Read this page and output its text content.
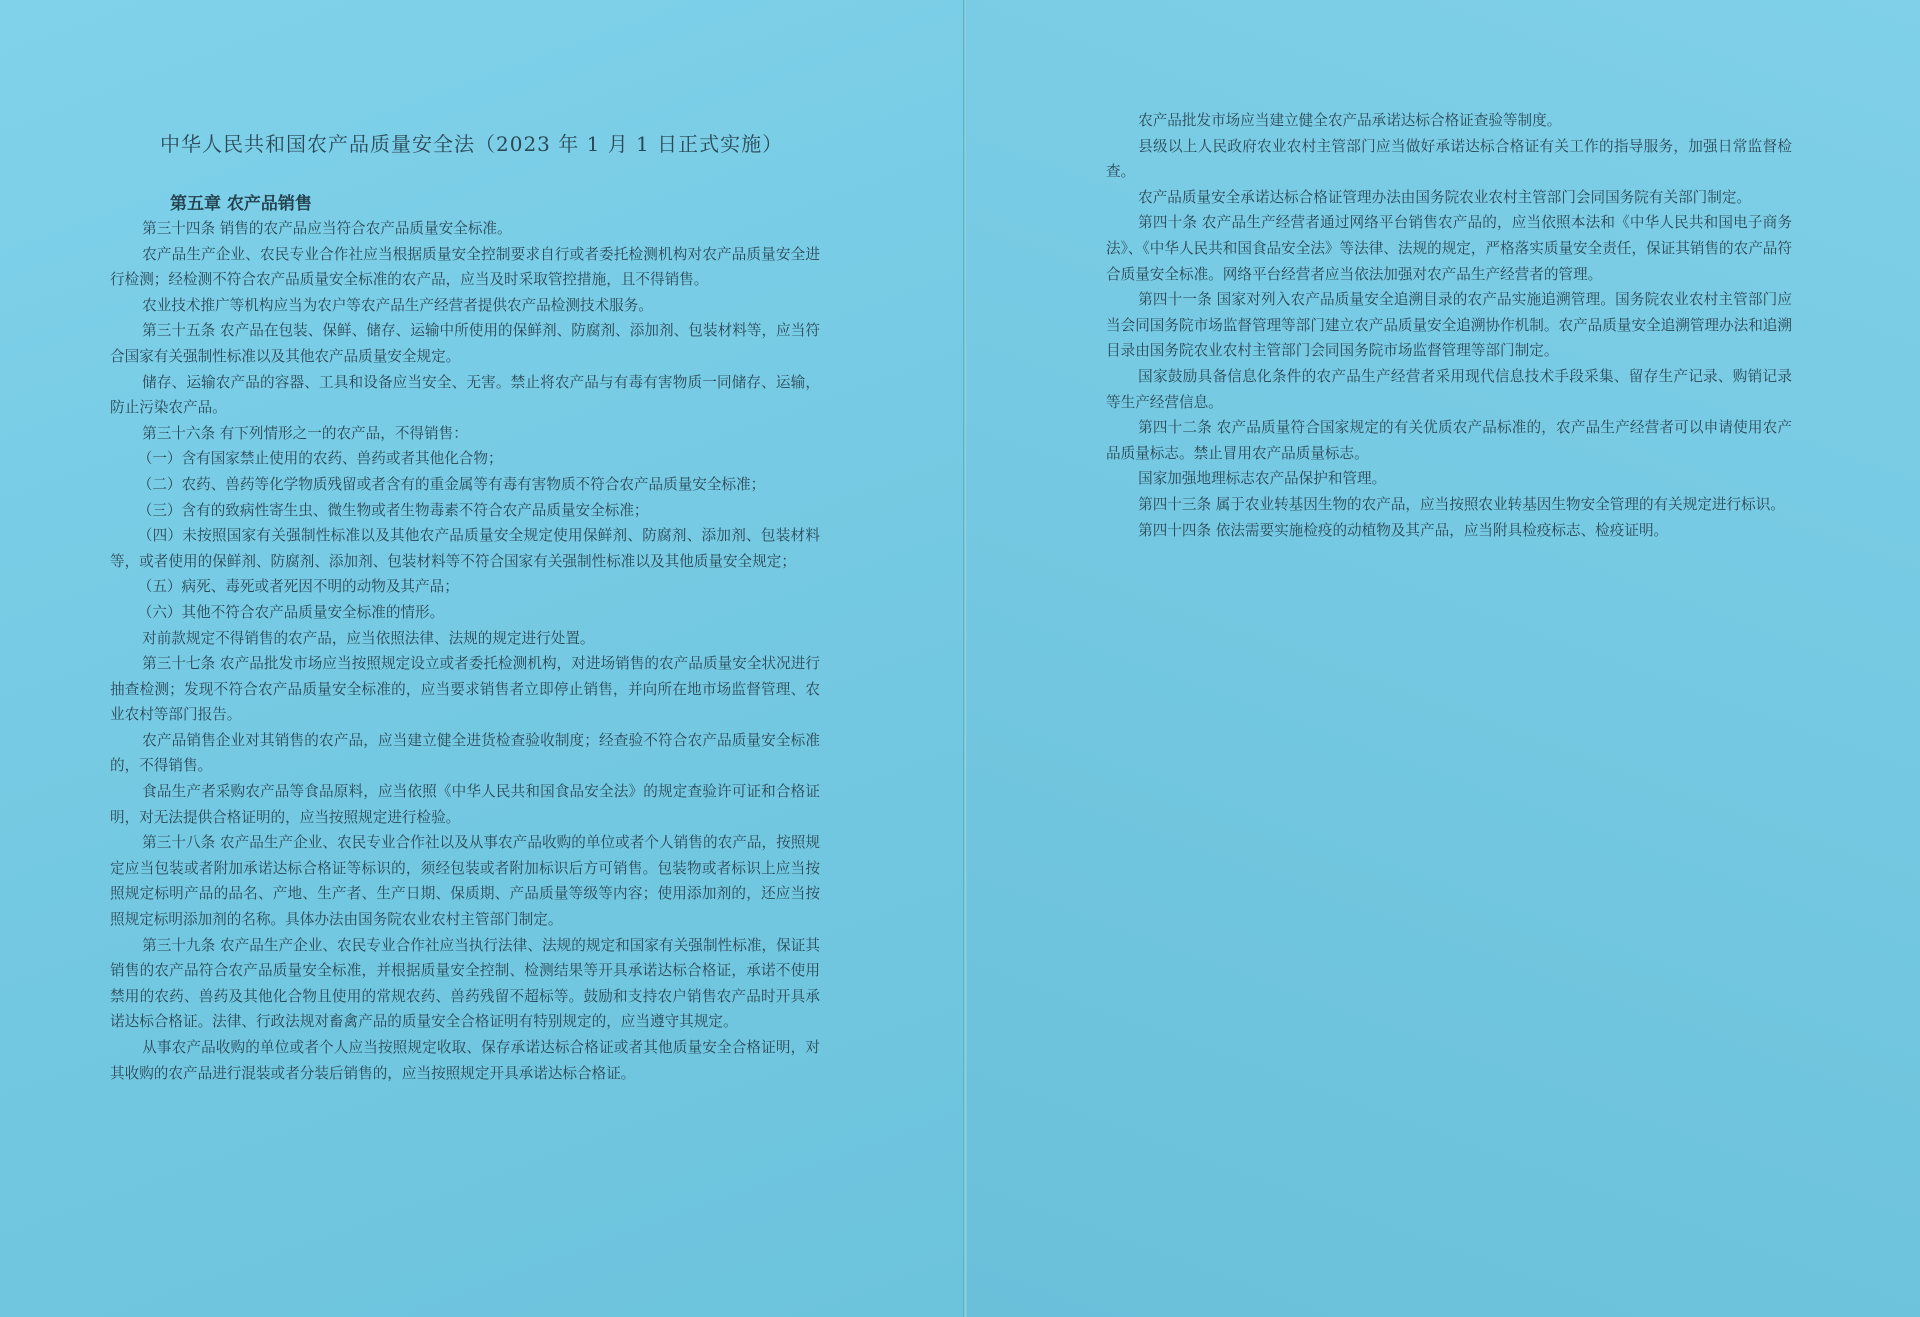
中华人民共和国农产品质量安全法（2023 年 1 月 1 日正式实施）
第五章 农产品销售

第三十四条 销售的农产品应当符合农产品质量安全标准。

农产品生产企业、农民专业合作社应当根据质量安全控制要求自行或者委托检测机构对农产品质量安全进行检测；经检测不符合农产品质量安全标准的农产品，应当及时采取管控措施，且不得销售。

农业技术推广等机构应当为农户等农产品生产经营者提供农产品检测技术服务。

第三十五条 农产品在包装、保鲜、储存、运输中所使用的保鲜剂、防腐剂、添加剂、包装材料等，应当符合国家有关强制性标准以及其他农产品质量安全规定。

储存、运输农产品的容器、工具和设备应当安全、无害。禁止将农产品与有毒有害物质一同储存、运输，防止污染农产品。

第三十六条 有下列情形之一的农产品，不得销售：

（一）含有国家禁止使用的农药、兽药或者其他化合物；

（二）农药、兽药等化学物质残留或者含有的重金属等有毒有害物质不符合农产品质量安全标准；

（三）含有的致病性寄生虫、微生物或者生物毒素不符合农产品质量安全标准；

（四）未按照国家有关强制性标准以及其他农产品质量安全规定使用保鲜剂、防腐剂、添加剂、包装材料等，或者使用的保鲜剂、防腐剂、添加剂、包装材料等不符合国家有关强制性标准以及其他质量安全规定；

（五）病死、毒死或者死因不明的动物及其产品；

（六）其他不符合农产品质量安全标准的情形。

对前款规定不得销售的农产品，应当依照法律、法规的规定进行处置。

第三十七条 农产品批发市场应当按照规定设立或者委托检测机构，对进场销售的农产品质量安全状况进行抽查检测；发现不符合农产品质量安全标准的，应当要求销售者立即停止销售，并向所在地市场监督管理、农业农村等部门报告。

农产品销售企业对其销售的农产品，应当建立健全进货检查验收制度；经查验不符合农产品质量安全标准的，不得销售。

食品生产者采购农产品等食品原料，应当依照《中华人民共和国食品安全法》的规定查验许可证和合格证明，对无法提供合格证明的，应当按照规定进行检验。

第三十八条 农产品生产企业、农民专业合作社以及从事农产品收购的单位或者个人销售的农产品，按照规定应当包装或者附加承诺达标合格证等标识的，须经包装或者附加标识后方可销售。包装物或者标识上应当按照规定标明产品的品名、产地、生产者、生产日期、保质期、产品质量等级等内容；使用添加剂的，还应当按照规定标明添加剂的名称。具体办法由国务院农业农村主管部门制定。

第三十九条 农产品生产企业、农民专业合作社应当执行法律、法规的规定和国家有关强制性标准，保证其销售的农产品符合农产品质量安全标准，并根据质量安全控制、检测结果等开具承诺达标合格证，承诺不使用禁用的农药、兽药及其他化合物且使用的常规农药、兽药残留不超标等。鼓励和支持农户销售农产品时开具承诺达标合格证。法律、行政法规对畜禽产品的质量安全合格证明有特别规定的，应当遵守其规定。

从事农产品收购的单位或者个人应当按照规定收取、保存承诺达标合格证或者其他质量安全合格证明，对其收购的农产品进行混装或者分装后销售的，应当按照规定开具承诺达标合格证。

农产品批发市场应当建立健全农产品承诺达标合格证查验等制度。

县级以上人民政府农业农村主管部门应当做好承诺达标合格证有关工作的指导服务，加强日常监督检查。

农产品质量安全承诺达标合格证管理办法由国务院农业农村主管部门会同国务院有关部门制定。

第四十条 农产品生产经营者通过网络平台销售农产品的，应当依照本法和《中华人民共和国电子商务法》、《中华人民共和国食品安全法》等法律、法规的规定，严格落实质量安全责任，保证其销售的农产品符合质量安全标准。网络平台经营者应当依法加强对农产品生产经营者的管理。

第四十一条 国家对列入农产品质量安全追溯目录的农产品实施追溯管理。国务院农业农村主管部门应当会同国务院市场监督管理等部门建立农产品质量安全追溯协作机制。农产品质量安全追溯管理办法和追溯目录由国务院农业农村主管部门会同国务院市场监督管理等部门制定。

国家鼓励具备信息化条件的农产品生产经营者采用现代信息技术手段采集、留存生产记录、购销记录等生产经营信息。

第四十二条 农产品质量符合国家规定的有关优质农产品标准的，农产品生产经营者可以申请使用农产品质量标志。禁止冒用农产品质量标志。

国家加强地理标志农产品保护和管理。

第四十三条 属于农业转基因生物的农产品，应当按照农业转基因生物安全管理的有关规定进行标识。

第四十四条 依法需要实施检疫的动植物及其产品，应当附具检疫标志、检疫证明。
